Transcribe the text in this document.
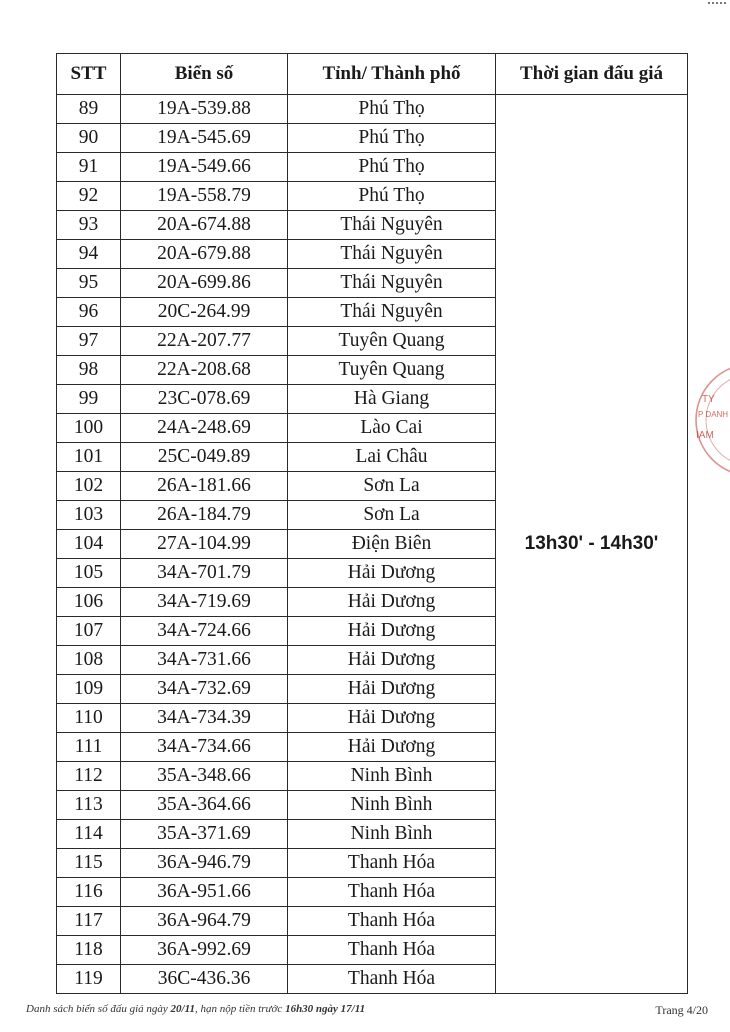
STT	Biển số	Tỉnh/ Thành phố	Thời gian đấu giá
89	19A-539.88	Phú Thọ	13h30' - 14h30'
90	19A-545.69	Phú Thọ	
91	19A-549.66	Phú Thọ	
92	19A-558.79	Phú Thọ	
93	20A-674.88	Thái Nguyên	
94	20A-679.88	Thái Nguyên	
95	20A-699.86	Thái Nguyên	
96	20C-264.99	Thái Nguyên	
97	22A-207.77	Tuyên Quang	
98	22A-208.68	Tuyên Quang	
99	23C-078.69	Hà Giang	
100	24A-248.69	Lào Cai	
101	25C-049.89	Lai Châu	
102	26A-181.66	Sơn La	
103	26A-184.79	Sơn La	
104	27A-104.99	Điện Biên	
105	34A-701.79	Hải Dương	
106	34A-719.69	Hải Dương	
107	34A-724.66	Hải Dương	
108	34A-731.66	Hải Dương	
109	34A-732.69	Hải Dương	
110	34A-734.39	Hải Dương	
111	34A-734.66	Hải Dương	
112	35A-348.66	Ninh Bình	
113	35A-364.66	Ninh Bình	
114	35A-371.69	Ninh Bình	
115	36A-946.79	Thanh Hóa	
116	36A-951.66	Thanh Hóa	
117	36A-964.79	Thanh Hóa	
118	36A-992.69	Thanh Hóa	
119	36C-436.36	Thanh Hóa	
Danh sách biển số đấu giá ngày 20/11, hạn nộp tiền trước 16h30 ngày 17/11	Trang 4/20
TY
P DANH
IAM
